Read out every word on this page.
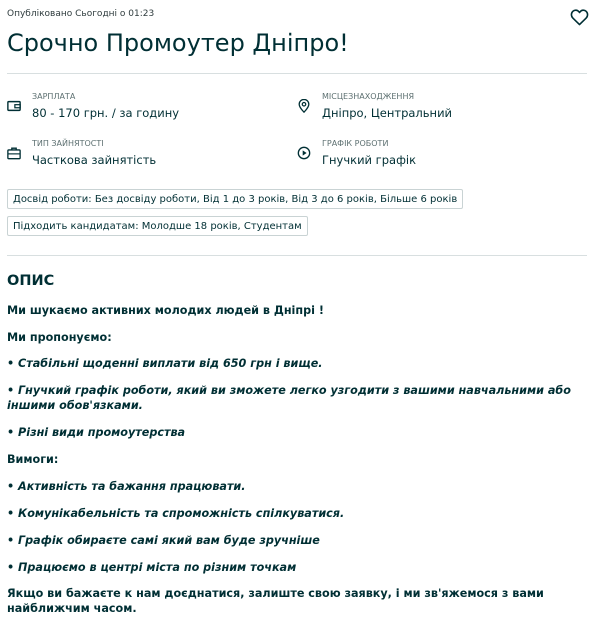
Опубліковано Сьогодні о 01:23
Срочно Промоутер Дніпро!
ЗАРПЛАТА
80 - 170 грн. / за годину
МІСЦЕЗНАХОДЖЕННЯ
Дніпро, Центральний
ТИП ЗАЙНЯТОСТІ
Часткова зайнятість
ГРАФІК РОБОТИ
Гнучкий графік
Досвід роботи: Без досвіду роботи, Від 1 до 3 років, Від 3 до 6 років, Більше 6 років
Підходить кандидатам: Молодше 18 років, Студентам
ОПИС

Ми шукаємо активних молодих людей в Дніпрі !

Ми пропонуємо:

• Стабільні щоденні виплати від 650 грн і вище.

• Гнучкий графік роботи, який ви зможете легко узгодити з вашими навчальними або іншими обов'язками.

• Різні види промоутерства

Вимоги:

• Активність та бажання працювати.

• Комунікабельність та спроможність спілкуватися.

• Графік обираєте самі який вам буде зручніше

• Працюємо в центрі міста по різним точкам

Якщо ви бажаєте к нам доєднатися, залиште свою заявку, і ми зв'яжемося з вами найближчим часом.
